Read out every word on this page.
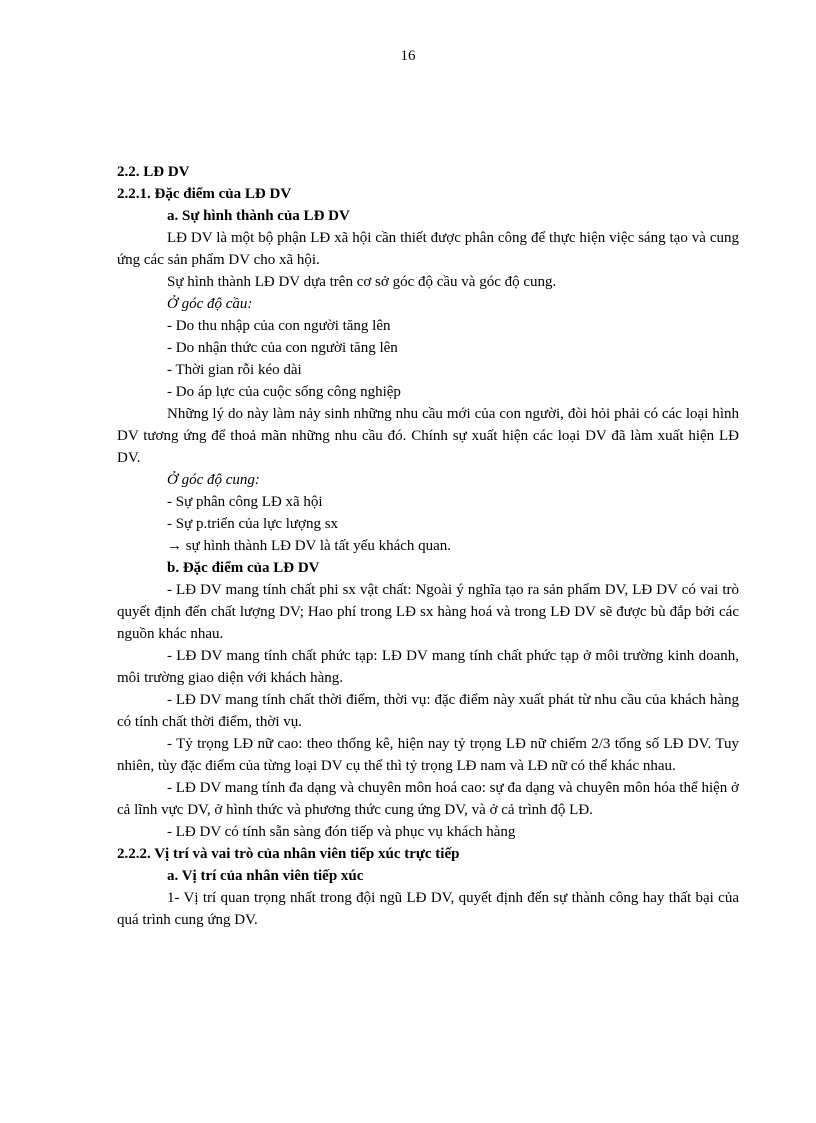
16

2.2. LĐ DV

2.2.1. Đặc điểm của LĐ DV

a. Sự hình thành của LĐ DV

LĐ DV là một bộ phận LĐ xã hội cần thiết được phân công để thực hiện việc sáng tạo và cung ứng các sản phẩm DV cho xã hội.

Sự hình thành LĐ DV dựa trên cơ sở góc độ cầu và góc độ cung.

Ở góc độ cầu:

- Do thu nhập của con người tăng lên

- Do nhận thức của con người tăng lên

- Thời gian rỗi kéo dài

- Do áp lực của cuộc sống công nghiệp

Những lý do này làm nảy sinh những nhu cầu mới của con người, đòi hỏi phải có các loại hình DV tương ứng để thoả mãn những nhu cầu đó. Chính sự xuất hiện các loại DV đã làm xuất hiện LĐ DV.

Ở góc độ cung:

- Sự phân công LĐ xã hội

- Sự p.triển của lực lượng sx

→ sự hình thành LĐ DV là tất yếu khách quan.

b. Đặc điểm của LĐ DV

- LĐ DV mang tính chất phi sx vật chất: Ngoài ý nghĩa tạo ra sản phẩm DV, LĐ DV có vai trò quyết định đến chất lượng DV; Hao phí trong LĐ sx hàng hoá và trong LĐ DV sẽ được bù đắp bởi các nguồn khác nhau.

- LĐ DV mang tính chất phức tạp: LĐ DV mang tính chất phức tạp ở môi trường kinh doanh, môi trường giao diện với khách hàng.

- LĐ DV mang tính chất thời điểm, thời vụ: đặc điểm này xuất phát từ nhu cầu của khách hàng có tính chất thời điểm, thời vụ.

- Tỷ trọng LĐ nữ cao: theo thống kê, hiện nay tỷ trọng LĐ nữ chiếm 2/3 tổng số LĐ DV. Tuy nhiên, tùy đặc điểm của từng loại DV cụ thể thì tỷ trọng LĐ nam và LĐ nữ có thể khác nhau.

- LĐ DV mang tính đa dạng và chuyên môn hoá cao: sự đa dạng và chuyên môn hóa thể hiện ở cả lĩnh vực DV, ở hình thức và phương thức cung ứng DV, và ở cả trình độ LĐ.

- LĐ DV có tính sẵn sàng đón tiếp và phục vụ khách hàng

2.2.2. Vị trí và vai trò của nhân viên tiếp xúc trực tiếp

a. Vị trí của nhân viên tiếp xúc

1- Vị trí quan trọng nhất trong đội ngũ LĐ DV, quyết định đến sự thành công hay thất bại của quá trình cung ứng DV.
